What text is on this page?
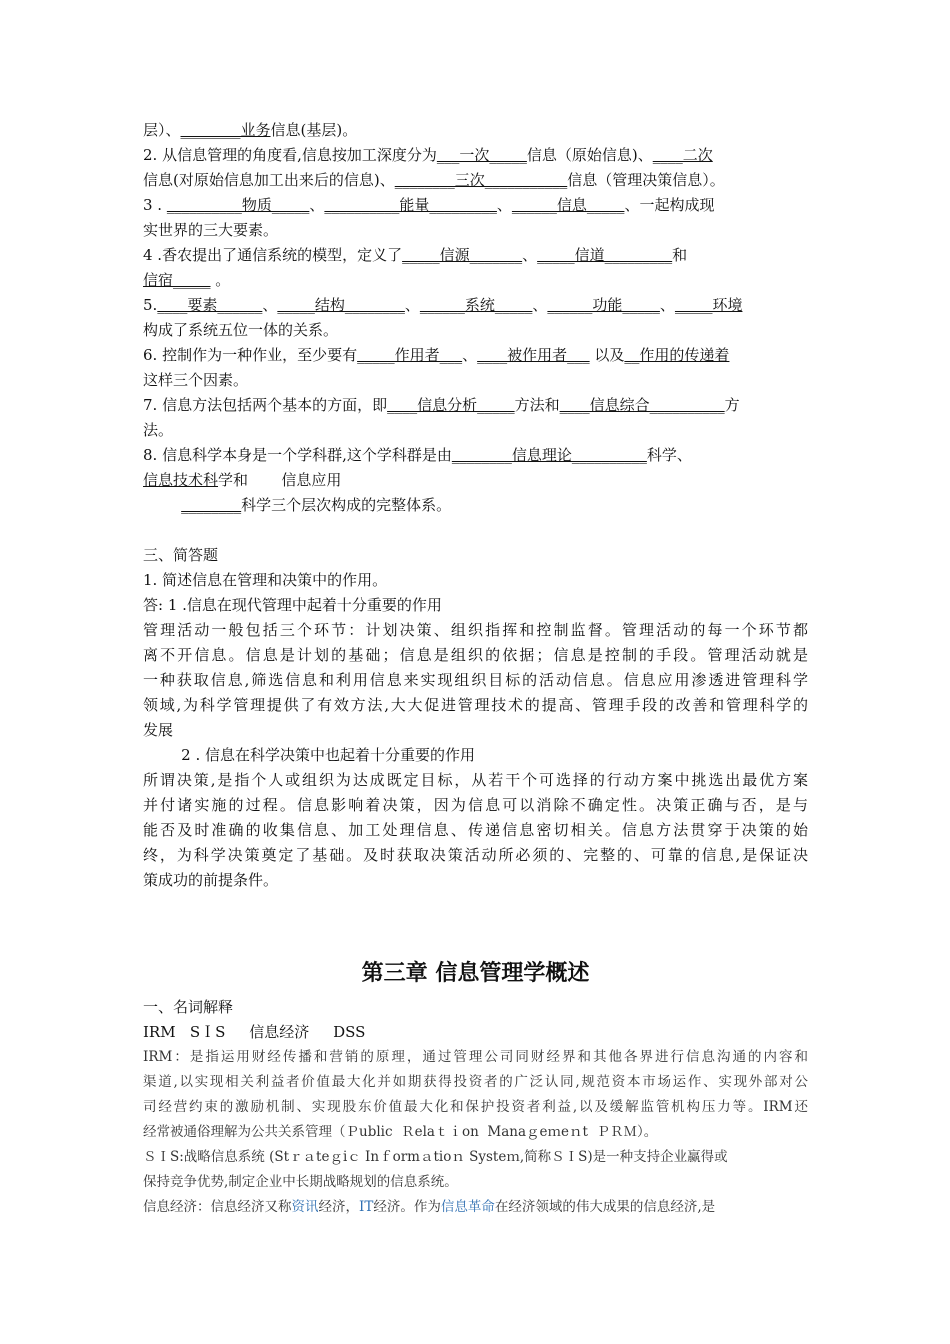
层）、________业务信息(基层)。
2. 从信息管理的角度看,信息按加工深度分为___一次_____信息（原始信息)、____二次
信息(对原始信息加工出来后的信息)、________三次___________信息（管理决策信息）。
3 . __________物质_____、__________能量_________、______信息_____、一起构成现
实世界的三大要素。
4 .香农提出了通信系统的模型，定义了_____信源_______、_____信道_________和
信宿_____ 。
5.____要素______、_____结构________、______系统_____、______功能_____、_____环境
构成了系统五位一体的关系。
6. 控制作为一种作业，至少要有_____作用者___、____被作用者___ 以及__作用的传递着
这样三个因素。
7. 信息方法包括两个基本的方面，即____信息分析_____方法和____信息综合__________方
法。
8. 信息科学本身是一个学科群,这个学科群是由________信息理论__________科学、
信息技术科学和       信息应用
________科学三个层次构成的完整体系。
三、简答题
1. 简述信息在管理和决策中的作用。
答: 1 .信息在现代管理中起着十分重要的作用
管理活动一般包括三个环节：计划决策、组织指挥和控制监督。管理活动的每一个环节都
离不开信息。信息是计划的基础；信息是组织的依据；信息是控制的手段。管理活动就是
一种获取信息,筛选信息和利用信息来实现组织目标的活动信息。信息应用渗透进管理科学
领域,为科学管理提供了有效方法,大大促进管理技术的提高、管理手段的改善和管理科学的
发展
2 . 信息在科学决策中也起着十分重要的作用
所谓决策,是指个人或组织为达成既定目标，从若干个可选择的行动方案中挑选出最优方案
并付诸实施的过程。信息影响着决策，因为信息可以消除不确定性。决策正确与否，是与
能否及时准确的收集信息、加工处理信息、传递信息密切相关。信息方法贯穿于决策的始
终，为科学决策奠定了基础。及时获取决策活动所必须的、完整的、可靠的信息,是保证决
策成功的前提条件。
第三章 信息管理学概述
一、名词解释
IRM   SＩS     信息经济     DSS
IRM：是指运用财经传播和营销的原理，通过管理公司同财经界和其他各界进行信息沟通的内容和
渠道,以实现相关利益者价值最大化并如期获得投资者的广泛认同,规范资本市场运作、实现外部对公
司经营约束的激励机制、实现股东价值最大化和保护投资者利益,以及缓解监管机构压力等。IRM还
经常被通俗理解为公共关系管理（Ｐublic  Ｒelaｔｉon  Manaｇeｍeｎt  ＰＲＭ）。
ＳＩS:战略信息系统 (Stｒａteｇiｃ Inｆormａtioｎ Systeｍ,简称ＳＩS)是一种支持企业赢得或
保持竞争优势,制定企业中长期战略规划的信息系统。
信息经济：信息经济又称资讯经济，IT经济。作为信息革命在经济领域的伟大成果的信息经济,是
